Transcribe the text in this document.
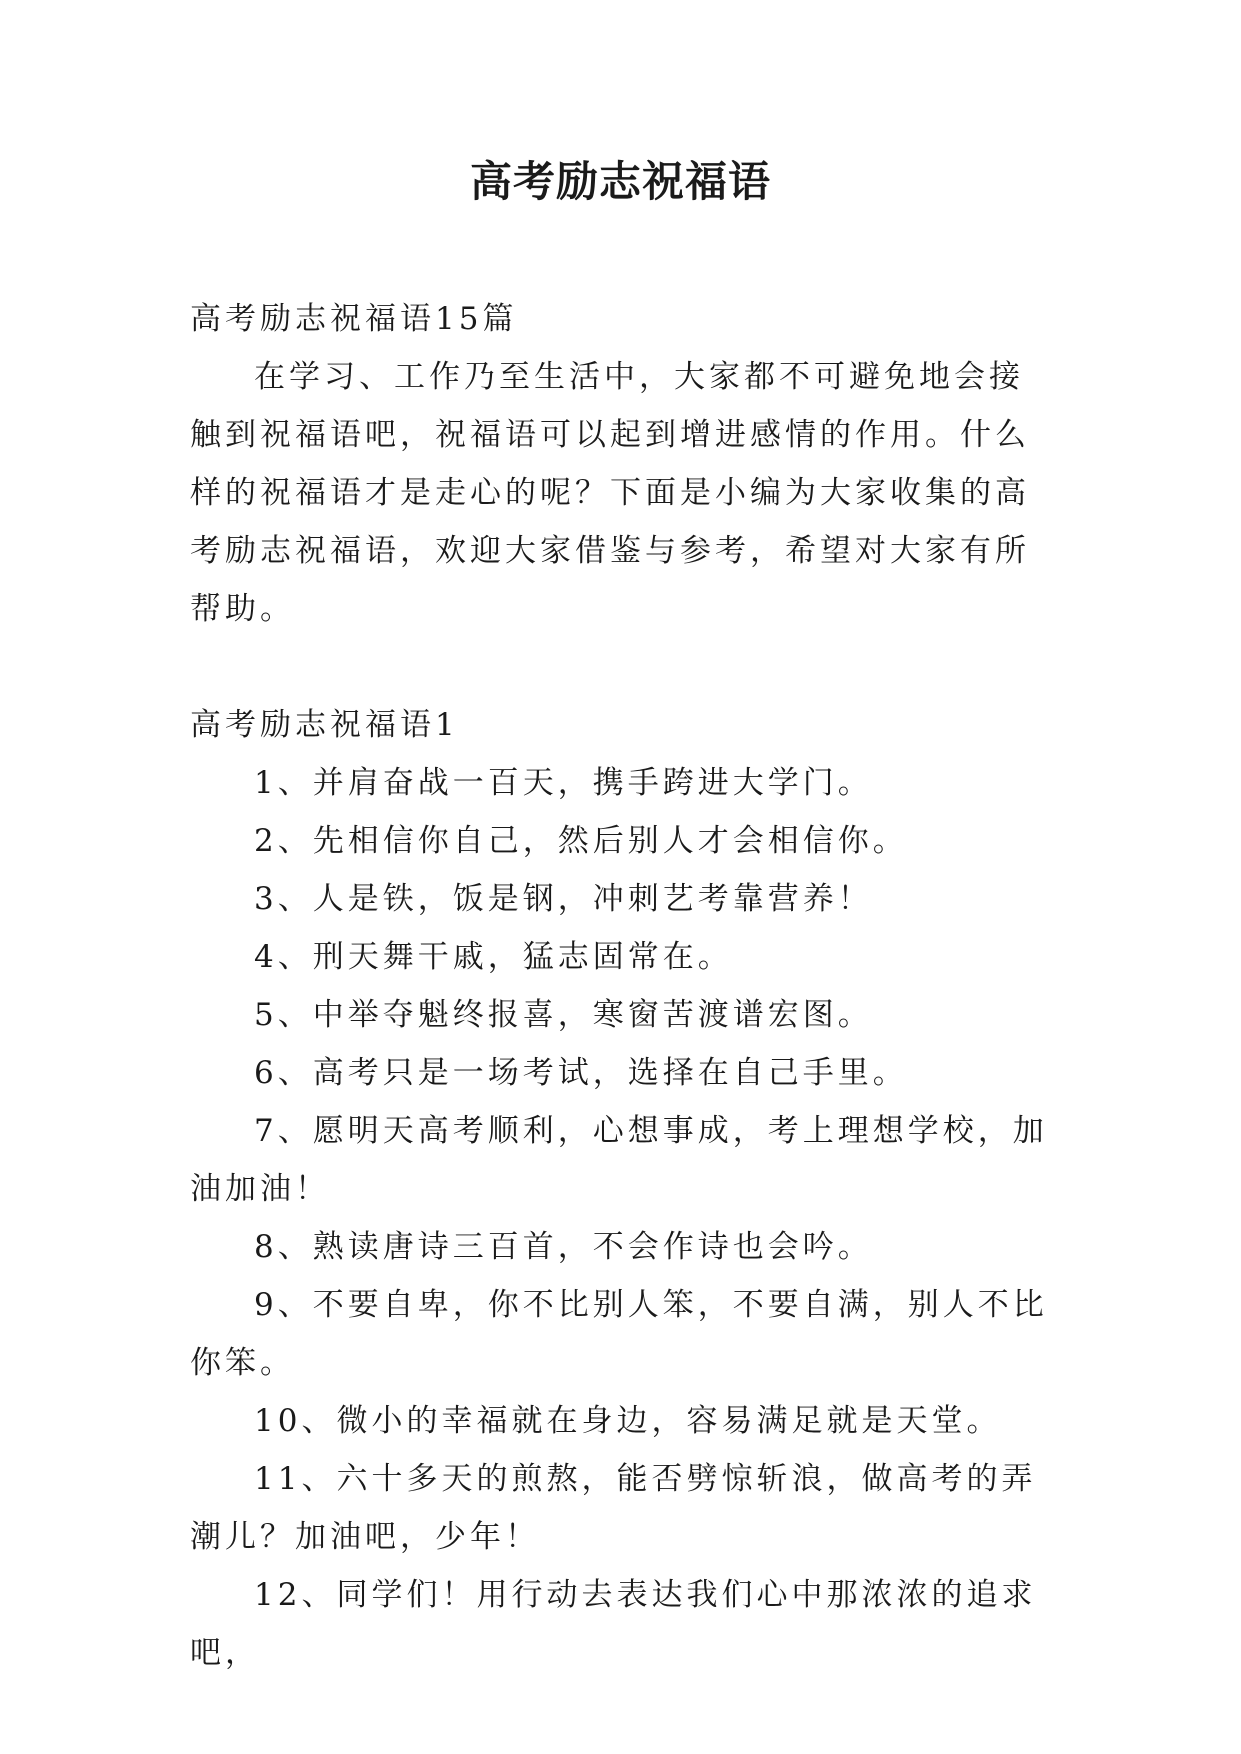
高考励志祝福语

高考励志祝福语15篇

在学习、工作乃至生活中，大家都不可避免地会接触到祝福语吧，祝福语可以起到增进感情的作用。什么样的祝福语才是走心的呢？下面是小编为大家收集的高考励志祝福语，欢迎大家借鉴与参考，希望对大家有所帮助。

高考励志祝福语1

1、并肩奋战一百天，携手跨进大学门。

2、先相信你自己，然后别人才会相信你。

3、人是铁，饭是钢，冲刺艺考靠营养！

4、刑天舞干戚，猛志固常在。

5、中举夺魁终报喜，寒窗苦渡谱宏图。

6、高考只是一场考试，选择在自己手里。

7、愿明天高考顺利，心想事成，考上理想学校，加油加油！

8、熟读唐诗三百首，不会作诗也会吟。

9、不要自卑，你不比别人笨，不要自满，别人不比你笨。

10、微小的幸福就在身边，容易满足就是天堂。

11、六十多天的煎熬，能否劈惊斩浪，做高考的弄潮儿？加油吧，少年！

12、同学们！用行动去表达我们心中那浓浓的追求吧，
